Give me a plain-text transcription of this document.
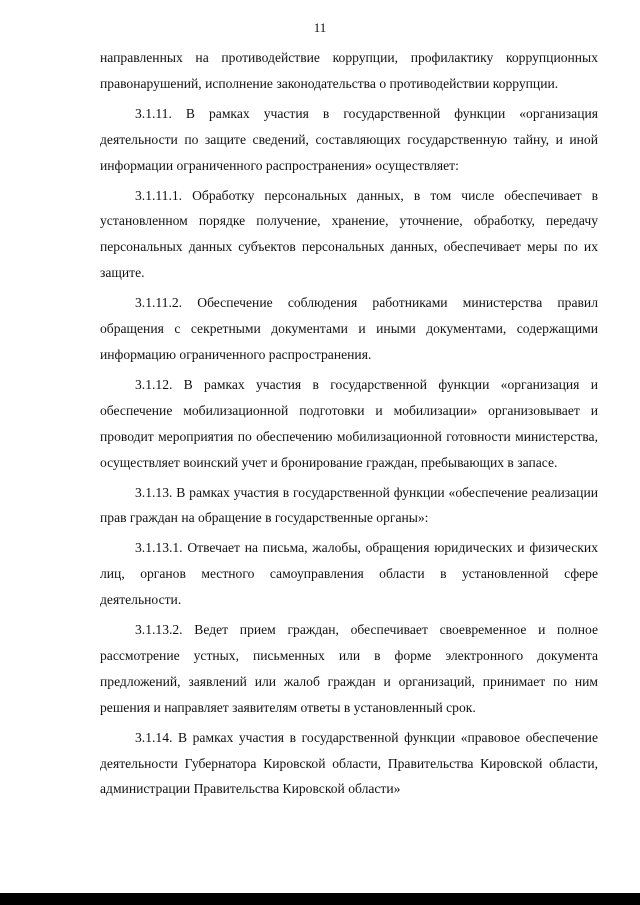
11

направленных на противодействие коррупции, профилактику коррупционных правонарушений, исполнение законодательства о противодействии коррупции.

3.1.11. В рамках участия в государственной функции «организация деятельности по защите сведений, составляющих государственную тайну, и иной информации ограниченного распространения» осуществляет:

3.1.11.1. Обработку персональных данных, в том числе обеспечивает в установленном порядке получение, хранение, уточнение, обработку, передачу персональных данных субъектов персональных данных, обеспечивает меры по их защите.

3.1.11.2. Обеспечение соблюдения работниками министерства правил обращения с секретными документами и иными документами, содержащими информацию ограниченного распространения.

3.1.12. В рамках участия в государственной функции «организация и обеспечение мобилизационной подготовки и мобилизации» организовывает и проводит мероприятия по обеспечению мобилизационной готовности министерства, осуществляет воинский учет и бронирование граждан, пребывающих в запасе.

3.1.13. В рамках участия в государственной функции «обеспечение реализации прав граждан на обращение в государственные органы»:

3.1.13.1. Отвечает на письма, жалобы, обращения юридических и физических лиц, органов местного самоуправления области в установленной сфере деятельности.

3.1.13.2. Ведет прием граждан, обеспечивает своевременное и полное рассмотрение устных, письменных или в форме электронного документа предложений, заявлений или жалоб граждан и организаций, принимает по ним решения и направляет заявителям ответы в установленный срок.

3.1.14. В рамках участия в государственной функции «правовое обеспечение деятельности Губернатора Кировской области, Правительства Кировской области, администрации Правительства Кировской области»
